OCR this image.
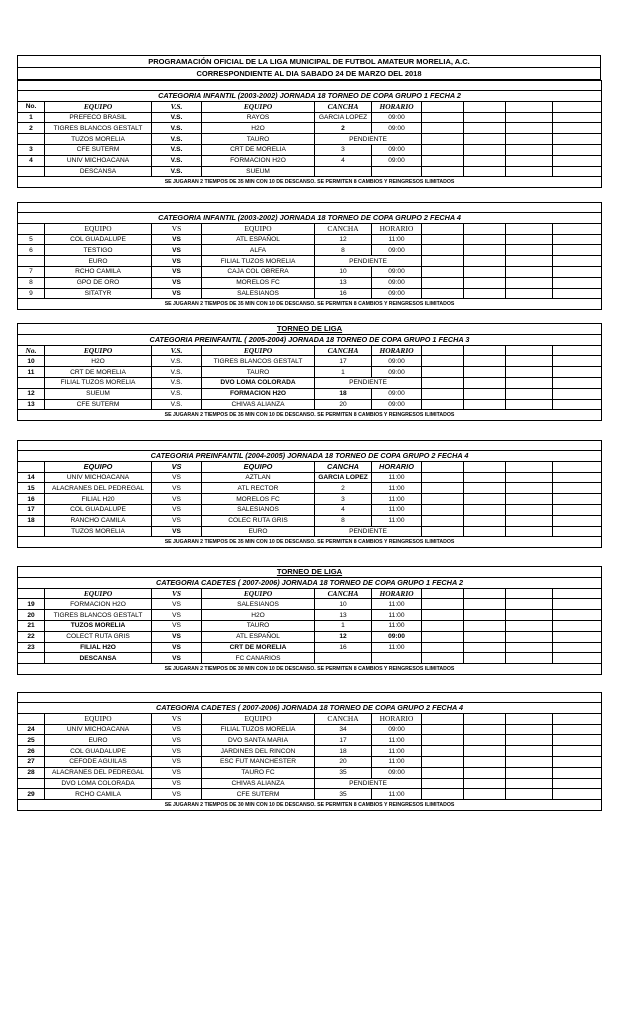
PROGRAMACIÓN OFICIAL DE LA LIGA MUNICIPAL DE FUTBOL AMATEUR MORELIA, A.C.
CORRESPONDIENTE AL DIA SABADO 24 DE MARZO DEL 2018

CATEGORIA INFANTIL (2003-2002) JORNADA 18 TORNEO DE COPA GRUPO 1 FECHA 2									
No.	EQUIPO	V.S.	EQUIPO	CANCHA	HORARIO				
1	PREFECO BRASIL	V.S.	RAYOS	GARCIA LOPEZ	09:00				
2	TIGRES BLANCOS GESTALT	V.S.	H2O	2	09:00				
	TUZOS MORELIA	V.S.	TAURO	PENDIENTE					
3	CFE SUTERM	V.S.	CRT DE MORELIA	3	09:00				
4	UNIV MICHOACANA	V.S.	FORMACION H2O	4	09:00				
	DESCANSA	V.S.	SUEUM						
SE JUGARAN 2 TIEMPOS DE 35 MIN CON 10 DE DESCANSO. SE PERMITEN 8 CAMBIOS Y REINGRESOS ILIMITADOS									

CATEGORIA INFANTIL (2003-2002) JORNADA 18 TORNEO DE COPA GRUPO 2 FECHA 4									
	EQUIPO	VS	EQUIPO	CANCHA	HORARIO				
5	COL GUADALUPE	VS	ATL ESPAÑOL	12	11:00				
6	TESTIGO	VS	ALFA	8	09:00				
	EURO	VS	FILIAL TUZOS MORELIA	PENDIENTE					
7	RCHO CAMILA	VS	CAJA COL OBRERA	10	09:00				
8	GPO DE ORO	VS	MORELOS FC	13	09:00				
9	SITATYR	VS	SALESIANOS	16	09:00				
SE JUGARAN 2 TIEMPOS DE 35 MIN CON 10 DE DESCANSO. SE PERMITEN 8 CAMBIOS Y REINGRESOS ILIMITADOS									
TORNEO DE LIGA									
CATEGORIA PREINFANTIL ( 2005-2004) JORNADA 18 TORNEO DE COPA GRUPO 1 FECHA 3									
No.	EQUIPO	V.S.	EQUIPO	CANCHA	HORARIO				
10	H2O	V.S.	TIGRES BLANCOS GESTALT	17	09:00				
11	CRT DE MORELIA	V.S.	TAURO	1	09:00				
	FILIAL TUZOS MORELIA	V.S.	DVO LOMA COLORADA	PENDIENTE					
12	SUEUM	V.S.	FORMACION H2O	18	09:00				
13	CFE SUTERM	V.S.	CHIVAS ALIANZA	20	09:00				
SE JUGARAN 2 TIEMPOS DE 35 MIN CON 10 DE DESCANSO. SE PERMITEN 8 CAMBIOS Y REINGRESOS ILIMITADOS									

CATEGORIA PREINFANTIL (2004-2005) JORNADA 18 TORNEO DE COPA GRUPO 2 FECHA 4									
	EQUIPO	VS	EQUIPO	CANCHA	HORARIO				
14	UNIV MICHOACANA	VS	AZTLAN	GARCIA LOPEZ	11:00				
15	ALACRANES DEL PEDREGAL	VS	ATL RECTOR	2	11:00				
16	FILIAL H20	VS	MORELOS FC	3	11:00				
17	COL GUADALUPE	VS	SALESIANOS	4	11:00				
18	RANCHO CAMILA	VS	COLEC RUTA GRIS	8	11:00				
	TUZOS MORELIA	VS	EURO	PENDIENTE					
SE JUGARAN 2 TIEMPOS DE 35 MIN CON 10 DE DESCANSO. SE PERMITEN 8 CAMBIOS Y REINGRESOS ILIMITADOS									
TORNEO DE LIGA									
CATEGORIA CADETES ( 2007-2006) JORNADA 18 TORNEO DE COPA GRUPO 1 FECHA 2									
	EQUIPO	VS	EQUIPO	CANCHA	HORARIO				
19	FORMACION H2O	VS	SALESIANOS	10	11:00				
20	TIGRES BLANCOS GESTALT	VS	H2O	13	11:00				
21	TUZOS MORELIA	VS	TAURO	1	11:00				
22	COLECT RUTA GRIS	VS	ATL ESPAÑOL	12	09:00				
23	FILIAL H2O	VS	CRT DE MORELIA	16	11:00				
	DESCANSA	VS	FC CANARIOS						
SE JUGARAN 2 TIEMPOS DE 30 MIN CON 10 DE DESCANSO. SE PERMITEN 8 CAMBIOS Y REINGRESOS ILIMITADOS									

CATEGORIA CADETES ( 2007-2006) JORNADA 18 TORNEO DE COPA GRUPO 2 FECHA 4									
	EQUIPO	VS	EQUIPO	CANCHA	HORARIO				
24	UNIV MICHOACANA	VS	FILIAL TUZOS MORELIA	34	09:00				
25	EURO	VS	DVO SANTA MARIA	17	11:00				
26	COL GUADALUPE	VS	JARDINES DEL RINCON	18	11:00				
27	CEFODE AGUILAS	VS	ESC FUT MANCHESTER	20	11:00				
28	ALACRANES DEL PEDREGAL	VS	TAURO FC	35	09:00				
	DVO LOMA COLORADA	VS	CHIVAS ALIANZA	PENDIENTE					
29	RCHO CAMILA	VS	CFE SUTERM	35	11:00				
SE JUGARAN 2 TIEMPOS DE 30 MIN CON 10 DE DESCANSO. SE PERMITEN 8 CAMBIOS Y REINGRESOS ILIMITADOS									
